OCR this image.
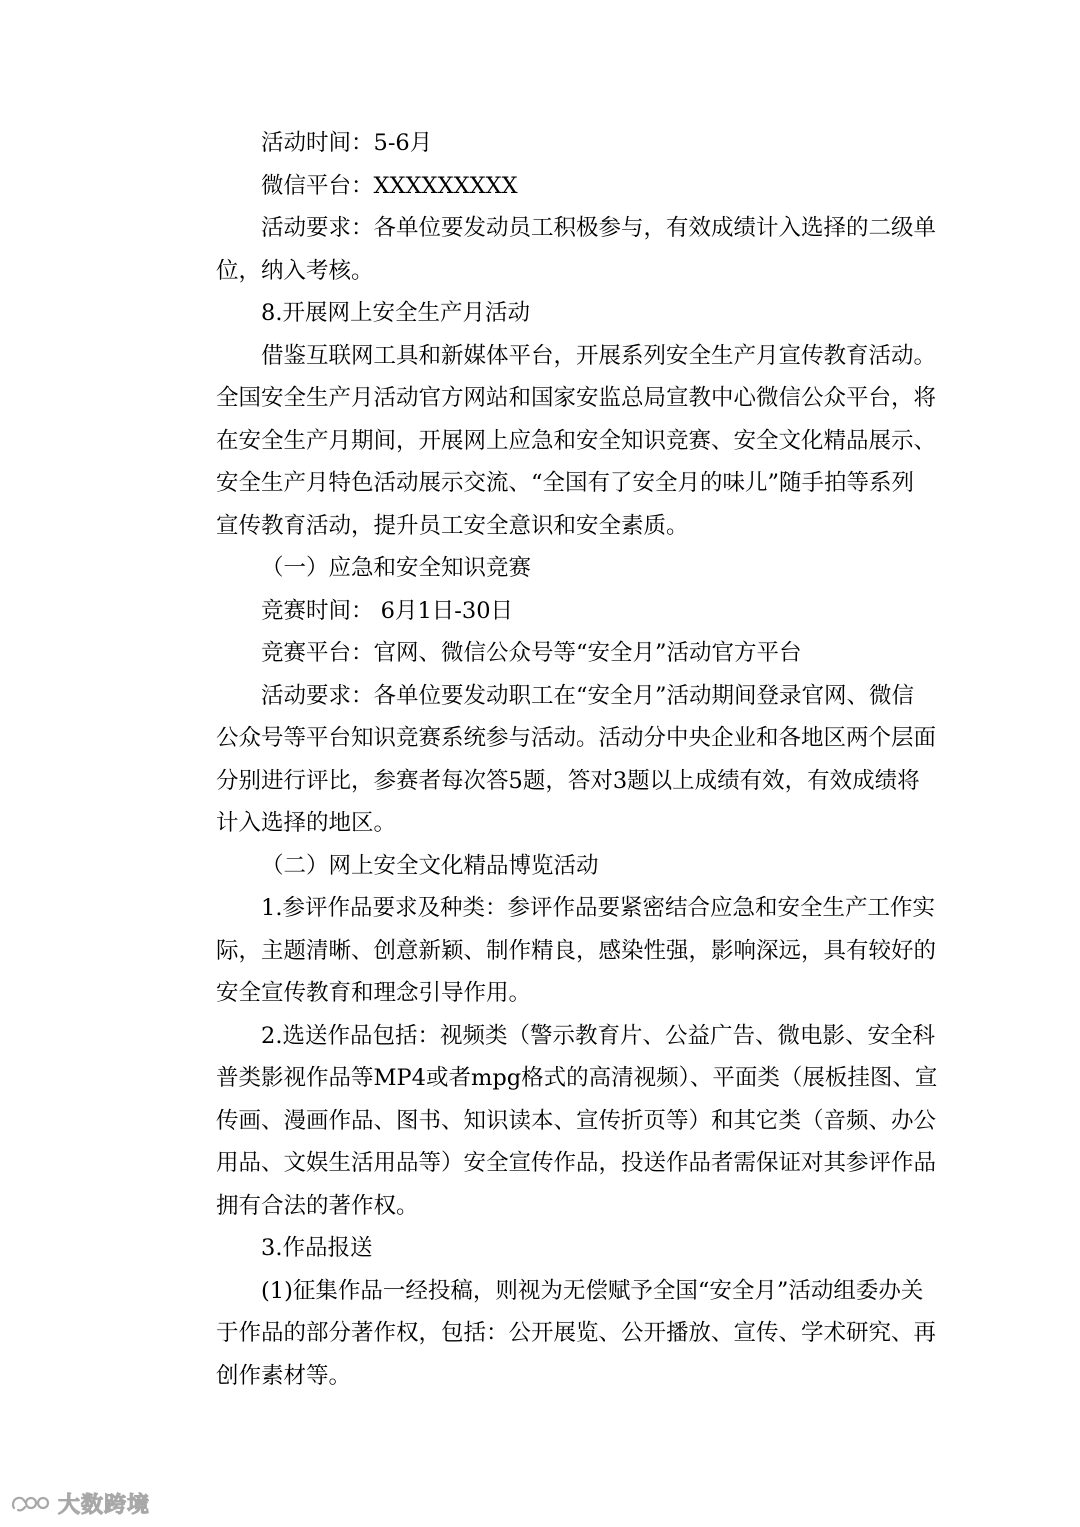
活动时间：5-6月
微信平台：XXXXXXXXX
活动要求：各单位要发动员工积极参与，有效成绩计入选择的二级单
位，纳入考核。
8.开展网上安全生产月活动
借鉴互联网工具和新媒体平台，开展系列安全生产月宣传教育活动。
全国安全生产月活动官方网站和国家安监总局宣教中心微信公众平台，将
在安全生产月期间，开展网上应急和安全知识竞赛、安全文化精品展示、
安全生产月特色活动展示交流、“全国有了安全月的味儿”随手拍等系列
宣传教育活动，提升员工安全意识和安全素质。
（一）应急和安全知识竞赛
竞赛时间： 6月1日-30日
竞赛平台：官网、微信公众号等“安全月”活动官方平台
活动要求：各单位要发动职工在“安全月”活动期间登录官网、微信
公众号等平台知识竞赛系统参与活动。活动分中央企业和各地区两个层面
分别进行评比，参赛者每次答5题，答对3题以上成绩有效，有效成绩将
计入选择的地区。
（二）网上安全文化精品博览活动
1.参评作品要求及种类：参评作品要紧密结合应急和安全生产工作实
际，主题清晰、创意新颖、制作精良，感染性强，影响深远，具有较好的
安全宣传教育和理念引导作用。
2.选送作品包括：视频类（警示教育片、公益广告、微电影、安全科
普类影视作品等MP4或者mpg格式的高清视频）、平面类（展板挂图、宣
传画、漫画作品、图书、知识读本、宣传折页等）和其它类（音频、办公
用品、文娱生活用品等）安全宣传作品，投送作品者需保证对其参评作品
拥有合法的著作权。
3.作品报送
(1)征集作品一经投稿，则视为无偿赋予全国“安全月”活动组委办关
于作品的部分著作权，包括：公开展览、公开播放、宣传、学术研究、再
创作素材等。
大数跨境
